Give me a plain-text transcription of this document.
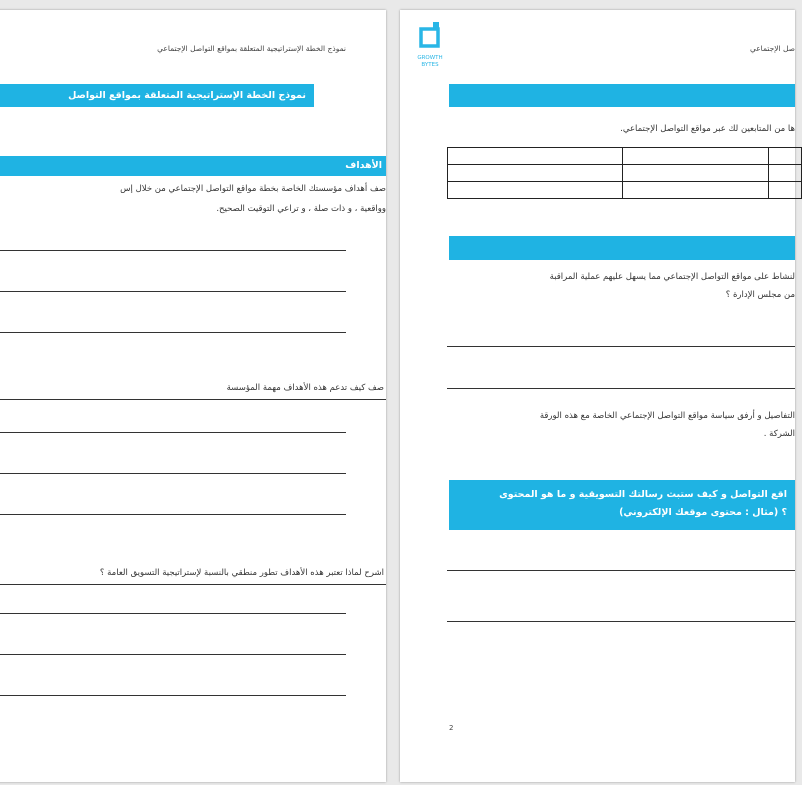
نموذج الخطة الإستراتيجية المتعلقة بمواقع التواصل الإجتماعي
نموذج الخطة الإستراتيجية المتعلقة بمواقع التواصل
الأهداف
صف أهداف مؤسستك الخاصة بخطة مواقع التواصل الإجتماعي من خلال إس
وواقعية ، و ذات صلة ، و تراعي التوقيت الصحيح.
صف كيف تدعم هذه الأهداف مهمة المؤسسة
اشرح لماذا تعتبر هذه الأهداف تطور منطقي بالنسبة لإستراتيجية التسويق العامة ؟
GROWTH
BYTES
صل الإجتماعي
ها من المتابعين لك عبر مواقع التواصل الإجتماعي.

لنشاط على مواقع التواصل الإجتماعي مما يسهل عليهم عملية المراقبة
من مجلس الإدارة ؟
التفاصيل و أرفق سياسة مواقع التواصل الإجتماعي الخاصة مع هذه الورقة
الشركة .
اقع التواصل و كيف ستبث رسالتك التسويقية و ما هو المحتوى
؟ (مثال : محتوى موقعك الإلكتروني)
2
